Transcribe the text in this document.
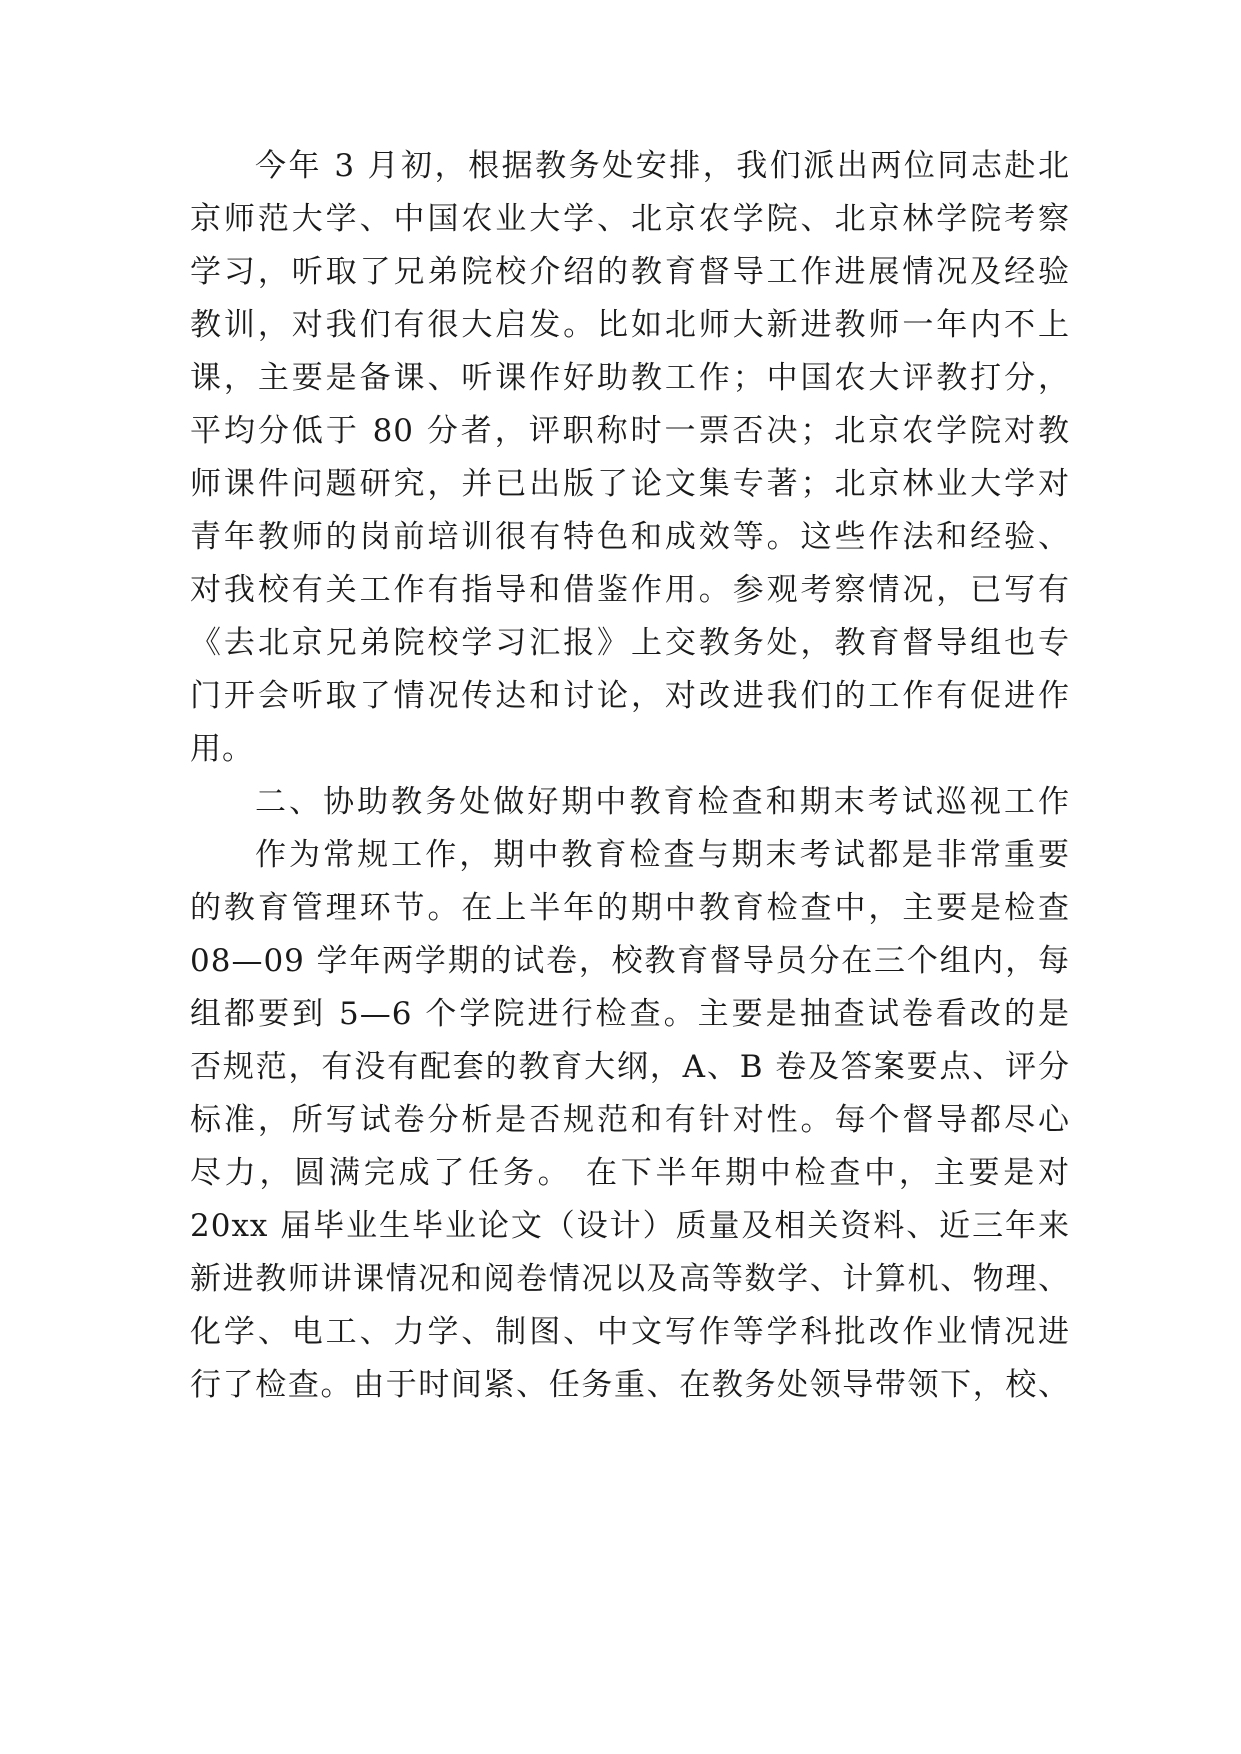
今年 3 月初，根据教务处安排，我们派出两位同志赴北
京师范大学、中国农业大学、北京农学院、北京林学院考察
学习，听取了兄弟院校介绍的教育督导工作进展情况及经验
教训，对我们有很大启发。比如北师大新进教师一年内不上
课，主要是备课、听课作好助教工作；中国农大评教打分，
平均分低于 80 分者，评职称时一票否决；北京农学院对教
师课件问题研究，并已出版了论文集专著；北京林业大学对
青年教师的岗前培训很有特色和成效等。这些作法和经验、
对我校有关工作有指导和借鉴作用。参观考察情况，已写有
《去北京兄弟院校学习汇报》上交教务处，教育督导组也专
门开会听取了情况传达和讨论，对改进我们的工作有促进作
用。
二、协助教务处做好期中教育检查和期末考试巡视工作
作为常规工作，期中教育检查与期末考试都是非常重要
的教育管理环节。在上半年的期中教育检查中，主要是检查
08—09 学年两学期的试卷，校教育督导员分在三个组内，每
组都要到 5—6 个学院进行检查。主要是抽查试卷看改的是
否规范，有没有配套的教育大纲，A、B 卷及答案要点、评分
标准，所写试卷分析是否规范和有针对性。每个督导都尽心
尽力，圆满完成了任务。 在下半年期中检查中，主要是对
20xx 届毕业生毕业论文（设计）质量及相关资料、近三年来
新进教师讲课情况和阅卷情况以及高等数学、计算机、物理、
化学、电工、力学、制图、中文写作等学科批改作业情况进
行了检查。由于时间紧、任务重、在教务处领导带领下，校、
